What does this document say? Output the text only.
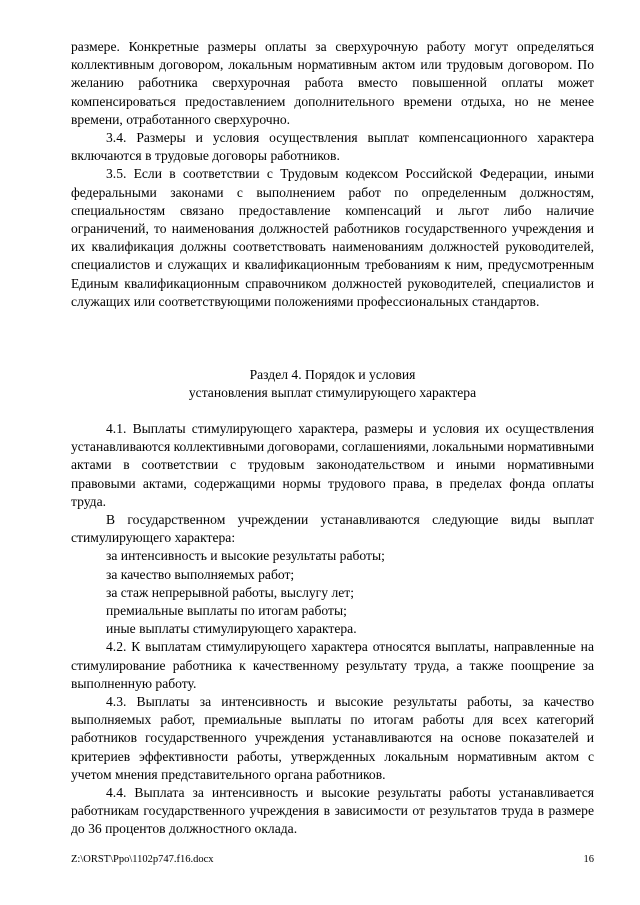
размере. Конкретные размеры оплаты за сверхурочную работу могут определяться коллективным договором, локальным нормативным актом или трудовым договором. По желанию работника сверхурочная работа вместо повышенной оплаты может компенсироваться предоставлением дополнительного времени отдыха, но не менее времени, отработанного сверхурочно.

3.4. Размеры и условия осуществления выплат компенсационного характера включаются в трудовые договоры работников.

3.5. Если в соответствии с Трудовым кодексом Российской Федерации, иными федеральными законами с выполнением работ по определенным должностям, специальностям связано предоставление компенсаций и льгот либо наличие ограничений, то наименования должностей работников государственного учреждения и их квалификация должны соответствовать наименованиям должностей руководителей, специалистов и служащих и квалификационным требованиям к ним, предусмотренным Единым квалификационным справочником должностей руководителей, специалистов и служащих или соответствующими положениями профессиональных стандартов.

Раздел 4. Порядок и условия

установления выплат стимулирующего характера

4.1. Выплаты стимулирующего характера, размеры и условия их осуществления устанавливаются коллективными договорами, соглашениями, локальными нормативными актами в соответствии с трудовым законодательством и иными нормативными правовыми актами, содержащими нормы трудового права, в пределах фонда оплаты труда.

В государственном учреждении устанавливаются следующие виды выплат стимулирующего характера:

за интенсивность и высокие результаты работы;
за качество выполняемых работ;
за стаж непрерывной работы, выслугу лет;
премиальные выплаты по итогам работы;
иные выплаты стимулирующего характера.

4.2. К выплатам стимулирующего характера относятся выплаты, направленные на стимулирование работника к качественному результату труда, а также поощрение за выполненную работу.

4.3. Выплаты за интенсивность и высокие результаты работы, за качество выполняемых работ, премиальные выплаты по итогам работы для всех категорий работников государственного учреждения устанавливаются на основе показателей и критериев эффективности работы, утвержденных локальным нормативным актом с учетом мнения представительного органа работников.

4.4. Выплата за интенсивность и высокие результаты работы устанавливается работникам государственного учреждения в зависимости от результатов труда в размере до 36 процентов должностного оклада.

Z:\ORST\Ppo\1102p747.f16.docx	16
